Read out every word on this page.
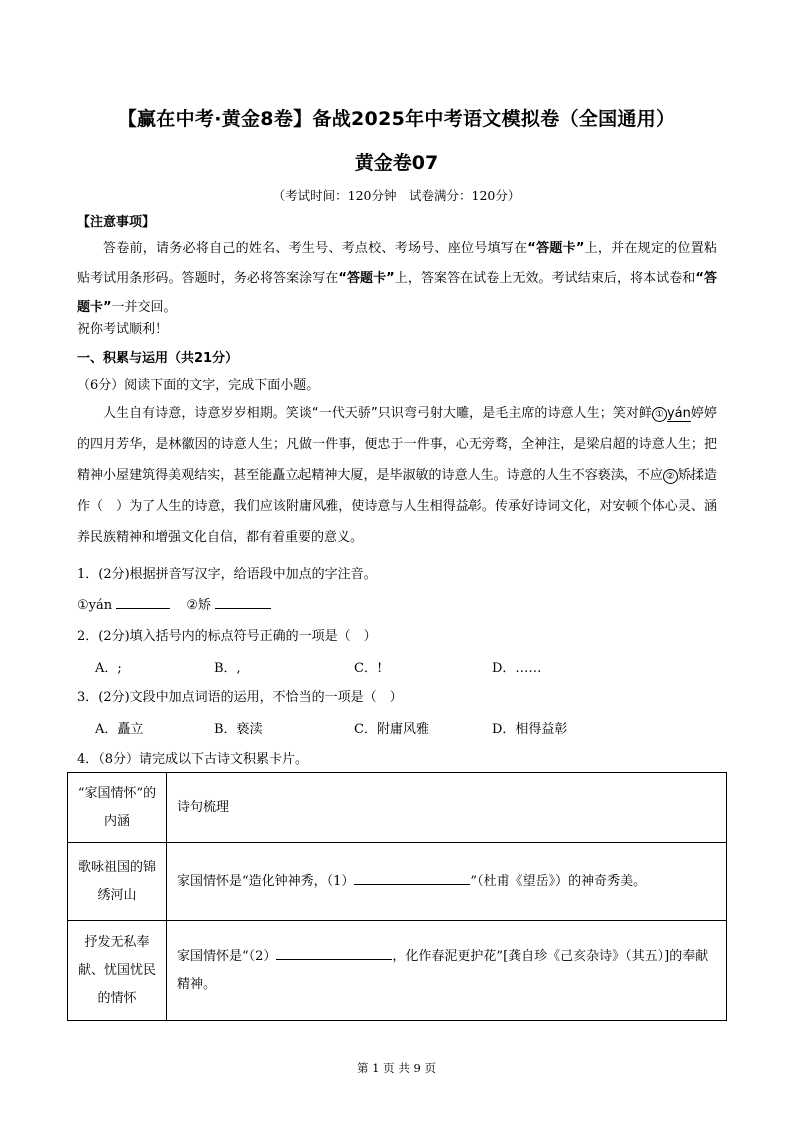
【赢在中考·黄金8卷】备战2025年中考语文模拟卷（全国通用）
黄金卷07
（考试时间：120分钟　试卷满分：120分）
【注意事项】
答卷前，请务必将自己的姓名、考生号、考点校、考场号、座位号填写在“答题卡”上，并在规定的位置粘贴考试用条形码。答题时，务必将答案涂写在“答题卡”上，答案答在试卷上无效。考试结束后，将本试卷和“答题卡”一并交回。
祝你考试顺利！
一、积累与运用（共21分）
（6分）阅读下面的文字，完成下面小题。
人生自有诗意，诗意岁岁相期。笑谈“一代天骄”只识弯弓射大雕，是毛主席的诗意人生；笑对鲜 ① yán婷婷的四月芳华，是林徽因的诗意人生；凡做一件事，便忠于一件事，心无旁骛，全神注，是梁启超的诗意人生；把精神小屋建筑得美观结实，甚至能矗立 ·起精神大厦，是毕淑敏的诗意人生。诗意的人生不容亵渎 ·，不应 ② 矫揉造作（　）为了人生的诗意，我们应该附庸风雅 ·，使诗意与人生相得益彰 ·。传承好诗词文化，对安顿个体心灵、涵养民族精神和增强文化自信，都有着重要的意义。
1．(2分)根据拼音写汉字，给语段中加点的字注音。
①yán	②矫
2．(2分)填入括号内的标点符号正确的一项是（　）
A．;	B．,	C．!	D．……
3．(2分)文段中加点词语的运用，不恰当的一项是（　）
A．矗立	B．亵渎	C．附庸风雅	D．相得益彰
4．（8分）请完成以下古诗文积累卡片。
“家国情怀”的内涵	诗句梳理
歌咏祖国的锦绣河山	家国情怀是“造化钟神秀，（1） ”（杜甫《望岳》）的神奇秀美。
抒发无私奉献、忧国忧民的情怀	家国情怀是“（2） ，化作春泥更护花”[龚自珍《己亥杂诗》（其五）]的奉献精神。
第 1 页 共 9 页
